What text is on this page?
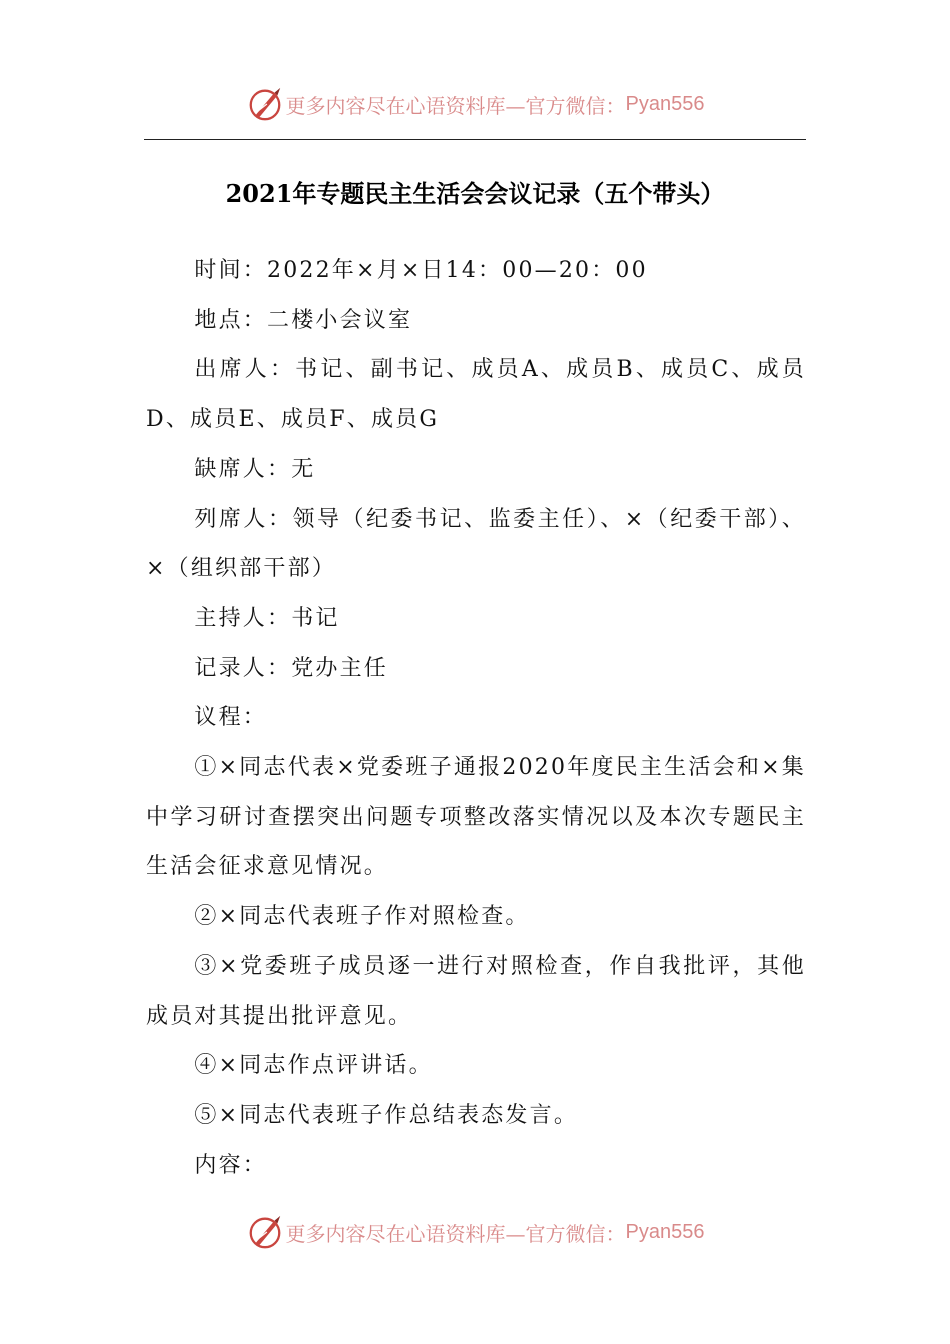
更多内容尽在心语资料库—官方微信： Pyan556
2021年专题民主生活会会议记录（五个带头）

时间：2022年×月×日14：00—20：00

地点：二楼小会议室

出席人：书记、副书记、成员A、成员B、成员C、成员D、成员E、成员F、成员G

缺席人：无

列席人：领导（纪委书记、监委主任）、×（纪委干部）、×（组织部干部）

主持人：书记

记录人：党办主任

议程：

①×同志代表×党委班子通报2020年度民主生活会和×集中学习研讨查摆突出问题专项整改落实情况以及本次专题民主生活会征求意见情况。

②×同志代表班子作对照检查。

③×党委班子成员逐一进行对照检查，作自我批评，其他成员对其提出批评意见。

④×同志作点评讲话。

⑤×同志代表班子作总结表态发言。

内容：

更多内容尽在心语资料库—官方微信： Pyan556
